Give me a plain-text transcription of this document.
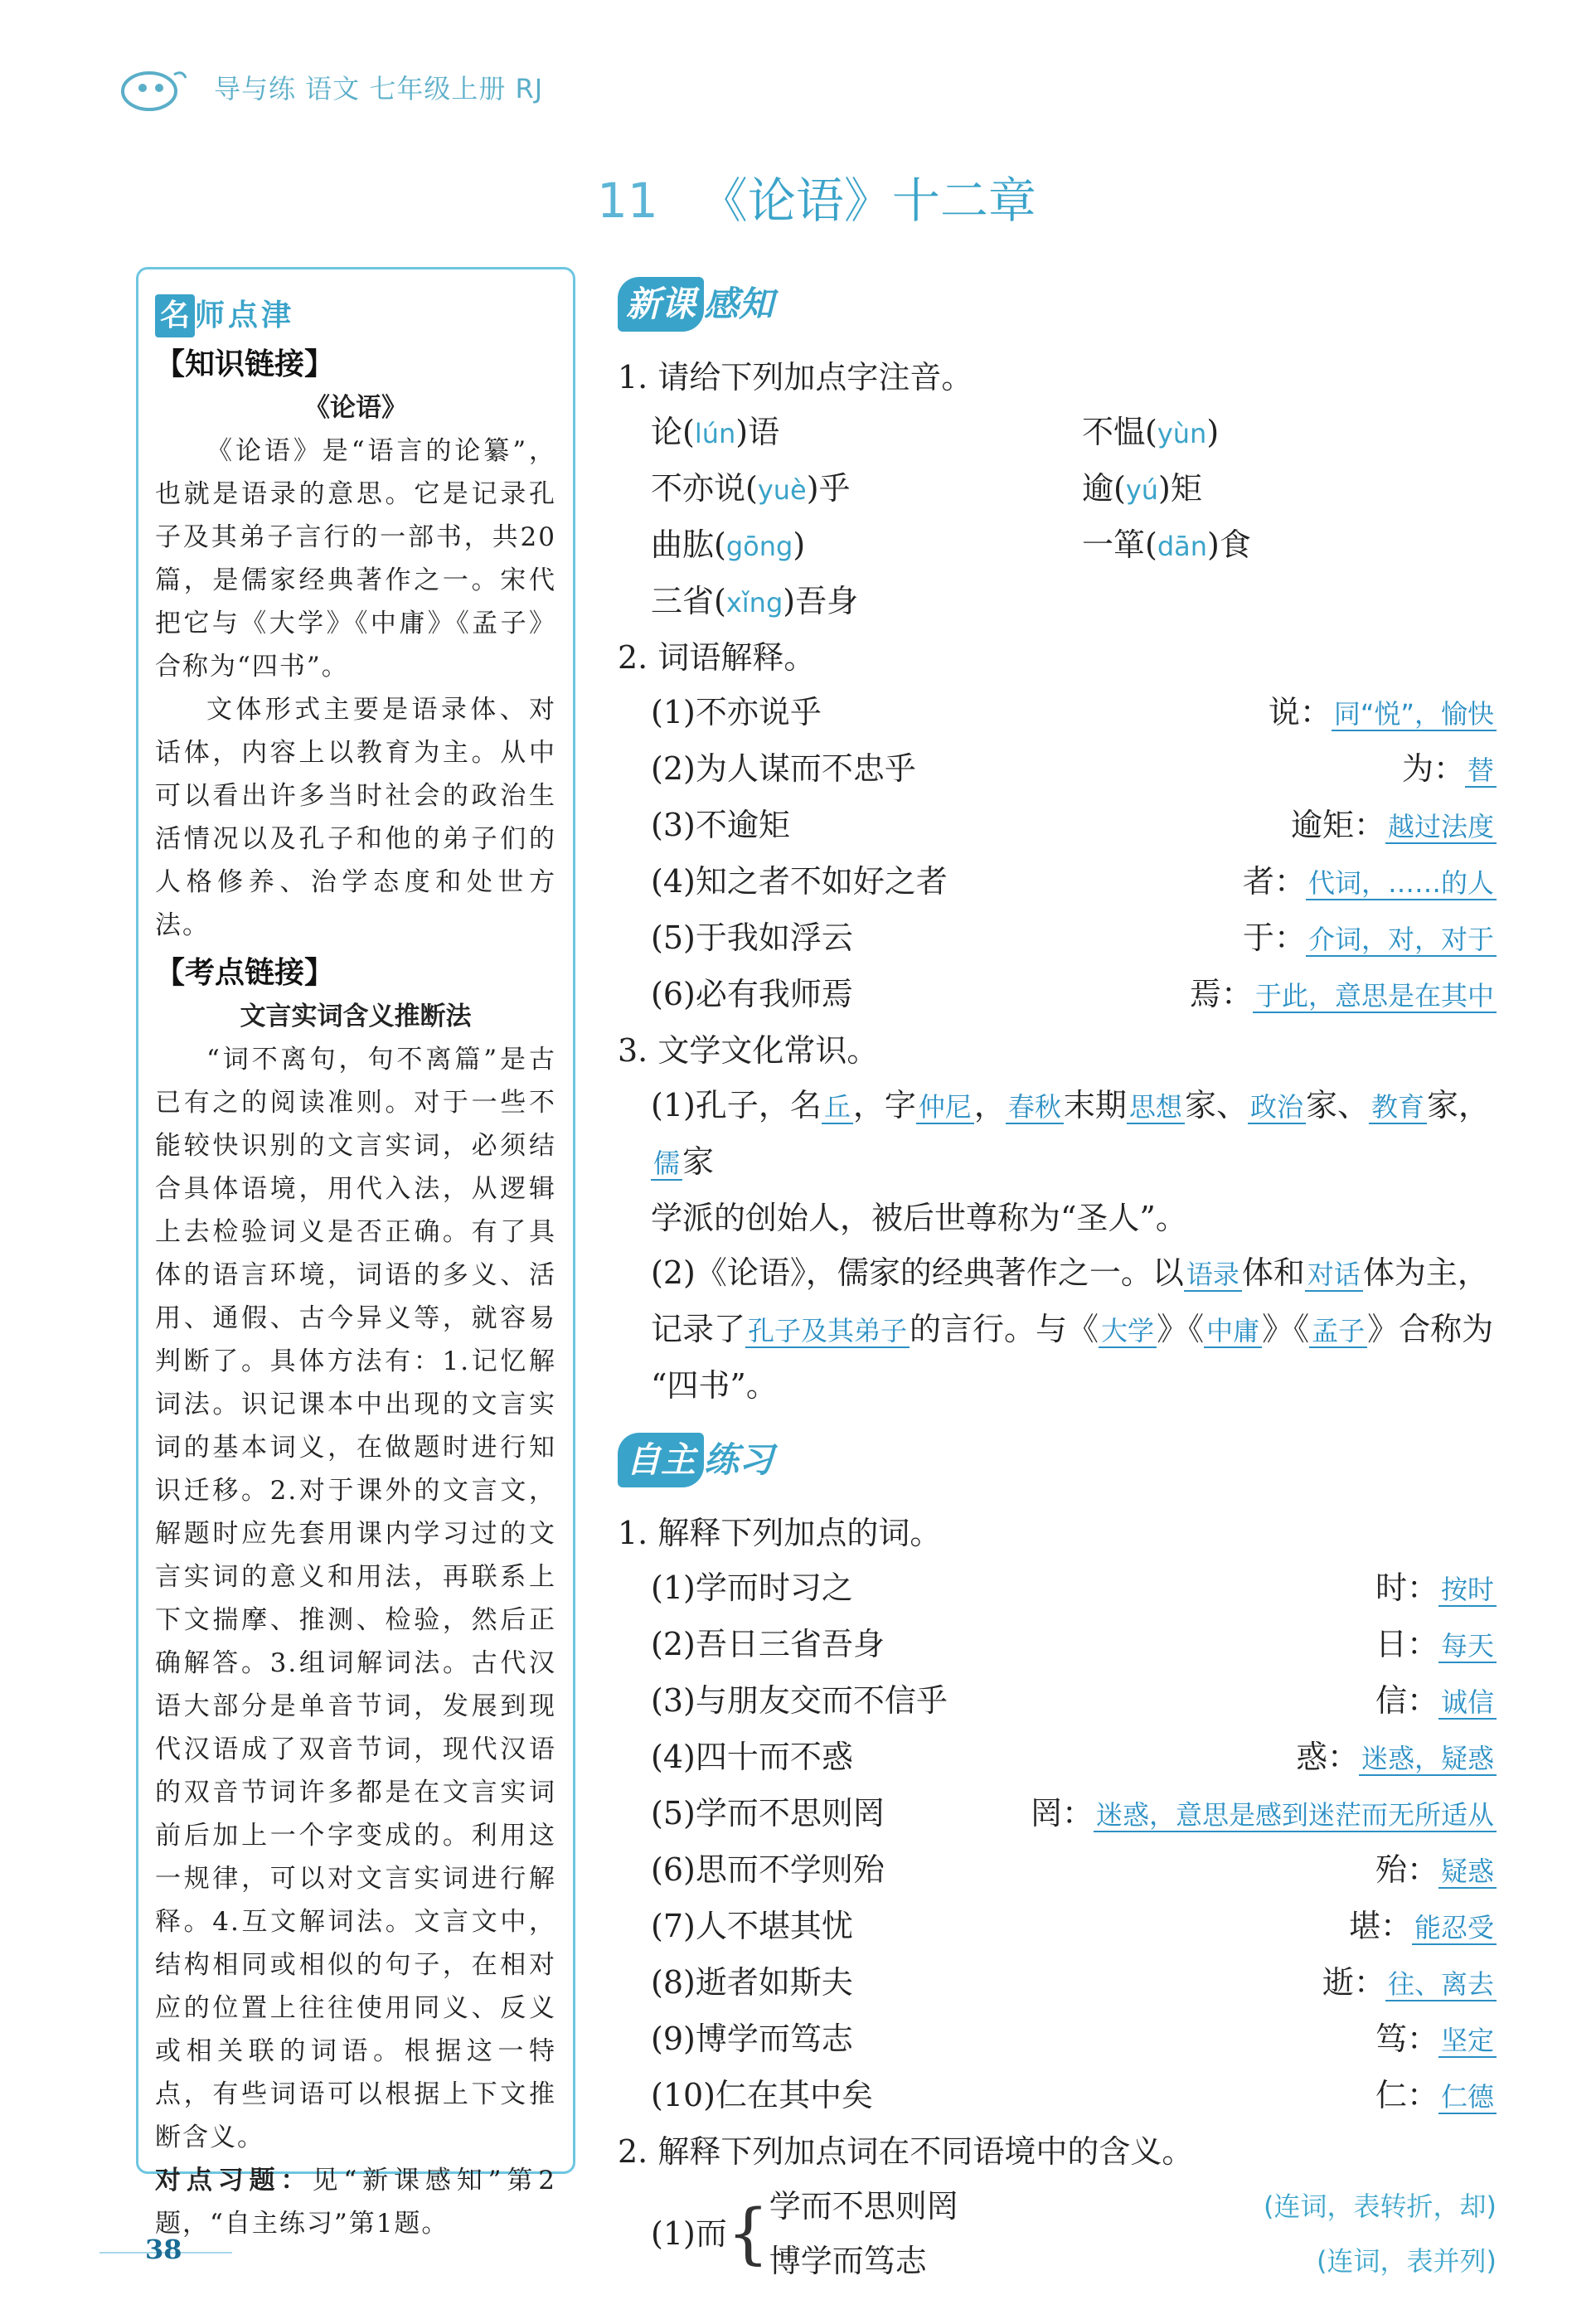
导与练 语文 七年级上册 RJ
11 《论语》十二章
名 师点津
【知识链接】
《论语》

《论语》是“语言的论纂”，也就是语录的意思。它是记录孔子及其弟子言行的一部书，共20篇，是儒家经典著作之一。宋代把它与《大学》《中庸》《孟子》合称为“四书”。

文体形式主要是语录体、对话体，内容上以教育为主。从中可以看出许多当时社会的政治生活情况以及孔子和他的弟子们的人格修养、治学态度和处世方法。

【考点链接】
文言实词含义推断法

“词不离句，句不离篇”是古已有之的阅读准则。对于一些不能较快识别的文言实词，必须结合具体语境，用代入法，从逻辑上去检验词义是否正确。有了具体的语言环境，词语的多义、活用、通假、古今异义等，就容易判断了。具体方法有：1.记忆解词法。识记课本中出现的文言实词的基本词义，在做题时进行知识迁移。2.对于课外的文言文，解题时应先套用课内学习过的文言实词的意义和用法，再联系上下文揣摩、推测、检验，然后正确解答。3.组词解词法。古代汉语大部分是单音节词，发展到现代汉语成了双音节词，现代汉语的双音节词许多都是在文言实词前后加上一个字变成的。利用这一规律，可以对文言实词进行解释。4.互文解词法。文言文中，结构相同或相似的句子，在相对应的位置上往往使用同义、反义或相关联的词语。根据这一特点，有些词语可以根据上下文推断含义。

对点习题：见“新课感知”第2题，“自主练习”第1题。

新课 感知

1. 请给下列加点字注音。

论(lún)语	不愠(yùn)
不亦说(yuè)乎	逾(yú)矩
曲肱(gōng)	一箪(dān)食
三省(xǐng)吾身

2. 词语解释。

(1)不亦说乎	说：同“悦”，愉快
(2)为人谋而不忠乎	为：替
(3)不逾矩	逾矩：越过法度
(4)知之者不如好之者	者：代词，……的人
(5)于我如浮云	于：介词，对，对于
(6)必有我师焉	焉：于此，意思是在其中

3. 文学文化常识。

(1)孔子，名丘，字仲尼，春秋末期思想家、政治家、教育家，儒家
学派的创始人，被后世尊称为“圣人”。
(2)《论语》，儒家的经典著作之一。以语录体和对话体为主，
记录了孔子及其弟子的言行。与《大学》《中庸》《孟子》合称为
“四书”。
自主 练习

1. 解释下列加点的词。

(1)学而时习之	时：按时
(2)吾日三省吾身	日：每天
(3)与朋友交而不信乎	信：诚信
(4)四十而不惑	惑：迷惑，疑惑
(5)学而不思则罔	罔：迷惑，意思是感到迷茫而无所适从
(6)思而不学则殆	殆：疑惑
(7)人不堪其忧	堪：能忍受
(8)逝者如斯夫	逝：往、离去
(9)博学而笃志	笃：坚定
(10)仁在其中矣	仁：仁德

2. 解释下列加点词在不同语境中的含义。

(1)而 { 学而不思则罔	(连词，表转折，却)
博学而笃志	(连词，表并列)
38
